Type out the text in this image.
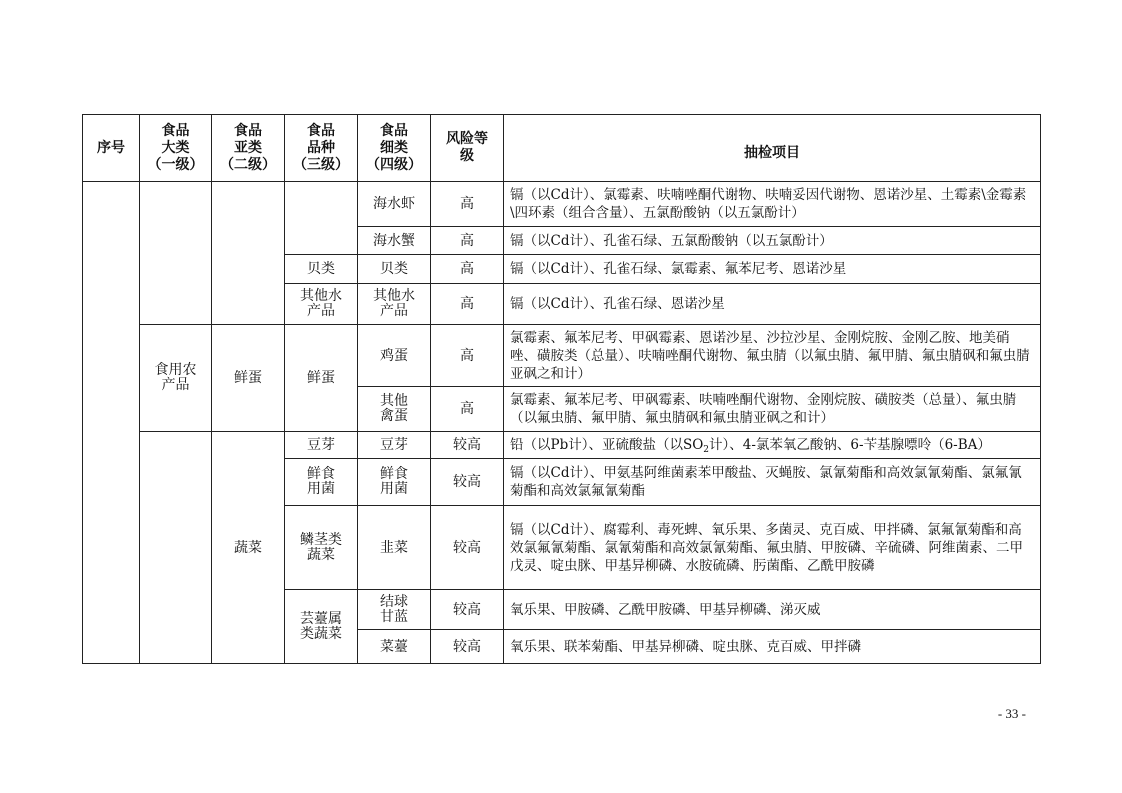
序号	食品
大类
（一级）	食品
亚类
（二级）	食品
品种
（三级）	食品
细类
（四级）	风险等
级	抽检项目
				海水虾	高	镉（以Cd计）、氯霉素、呋喃唑酮代谢物、呋喃妥因代谢物、恩诺沙星、土霉素\金霉素\四环素（组合含量）、五氯酚酸钠（以五氯酚计）
				海水蟹	高	镉（以Cd计）、孔雀石绿、五氯酚酸钠（以五氯酚计）
			贝类	贝类	高	镉（以Cd计）、孔雀石绿、氯霉素、氟苯尼考、恩诺沙星

			其他水产品	其他水产品	高	镉（以Cd计）、孔雀石绿、恩诺沙星

	食用农产品	鲜蛋	鲜蛋	鸡蛋	高	氯霉素、氟苯尼考、甲砜霉素、恩诺沙星、沙拉沙星、金刚烷胺、金刚乙胺、地美硝唑、磺胺类（总量）、呋喃唑酮代谢物、氟虫腈（以氟虫腈、氟甲腈、氟虫腈砜和氟虫腈亚砜之和计）

				其他禽蛋	高	氯霉素、氟苯尼考、甲砜霉素、呋喃唑酮代谢物、金刚烷胺、磺胺类（总量）、氟虫腈（以氟虫腈、氟甲腈、氟虫腈砜和氟虫腈亚砜之和计）
		蔬菜	豆芽	豆芽	较高	铅（以Pb计）、亚硫酸盐（以$SO_2$计）、4-氯苯氧乙酸钠、6-苄基腺嘌呤（6-BA）

			鲜食用菌	鲜食用菌	较高	镉（以Cd计）、甲氨基阿维菌素苯甲酸盐、灭蝇胺、氯氰菊酯和高效氯氰菊酯、氯氟氰菊酯和高效氯氟氰菊酯

			鳞茎类蔬菜	韭菜	较高	镉（以Cd计）、腐霉利、毒死蜱、氧乐果、多菌灵、克百威、甲拌磷、氯氟氰菊酯和高效氯氟氰菊酯、氯氰菊酯和高效氯氰菊酯、氟虫腈、甲胺磷、辛硫磷、阿维菌素、二甲戊灵、啶虫脒、甲基异柳磷、水胺硫磷、肟菌酯、乙酰甲胺磷

			芸薹属类蔬菜	结球甘蓝	较高	氧乐果、甲胺磷、乙酰甲胺磷、甲基异柳磷、涕灭威
				菜薹	较高	氧乐果、联苯菊酯、甲基异柳磷、啶虫脒、克百威、甲拌磷
- 33 -
